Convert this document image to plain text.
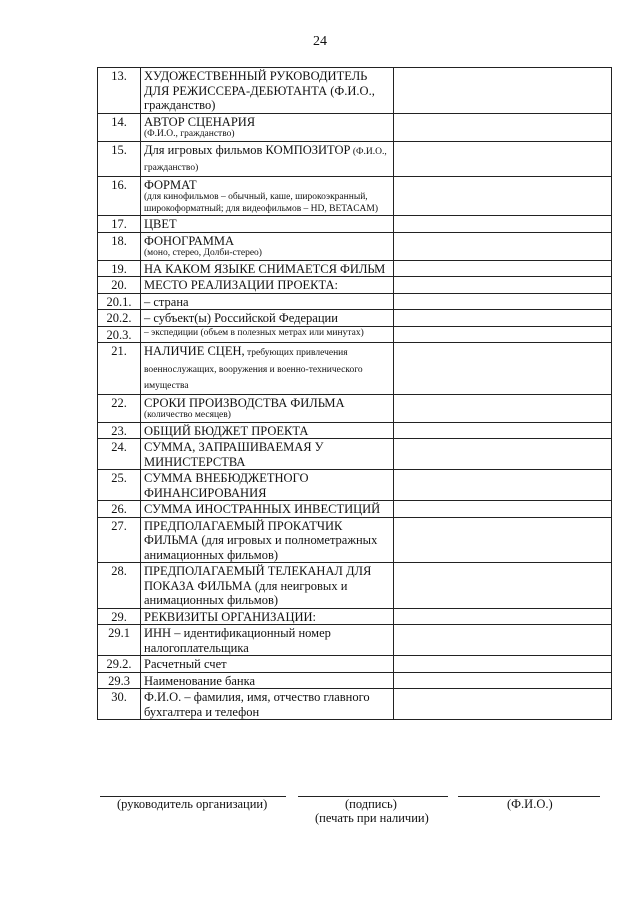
24
13.	ХУДОЖЕСТВЕННЫЙ РУКОВОДИТЕЛЬ ДЛЯ РЕЖИССЕРА-ДЕБЮТАНТА (Ф.И.О., гражданство)	
14.	АВТОР СЦЕНАРИЯ
(Ф.И.О., гражданство)	

15.	Для игровых фильмов КОМПОЗИТОР (Ф.И.О., гражданство)	
16.	ФОРМАТ
(для кинофильмов – обычный, каше, широкоэкранный, широкоформатный; для видеофильмов – HD, BETACAM)	

17.	ЦВЕТ	
18.	ФОНОГРАММА
(моно, стерео, Долби-стерео)	

19.	НА КАКОМ ЯЗЫКЕ СНИМАЕТСЯ ФИЛЬМ	
20.	МЕСТО РЕАЛИЗАЦИИ ПРОЕКТА:	
20.1.	– страна	
20.2.	– субъект(ы) Российской Федерации	
20.3.	– экспедиции (объем в полезных метрах или минутах)	

21.	НАЛИЧИЕ СЦЕН, требующих привлечения военнослужащих, вооружения и военно-технического имущества	
22.	СРОКИ ПРОИЗВОДСТВА ФИЛЬМА
(количество месяцев)	

23.	ОБЩИЙ БЮДЖЕТ ПРОЕКТА	
24.	СУММА, ЗАПРАШИВАЕМАЯ У МИНИСТЕРСТВА	
25.	СУММА ВНЕБЮДЖЕТНОГО ФИНАНСИРОВАНИЯ	
26.	СУММА ИНОСТРАННЫХ ИНВЕСТИЦИЙ	
27.	ПРЕДПОЛАГАЕМЫЙ ПРОКАТЧИК ФИЛЬМА (для игровых и полнометражных анимационных фильмов)	
28.	ПРЕДПОЛАГАЕМЫЙ ТЕЛЕКАНАЛ ДЛЯ ПОКАЗА ФИЛЬМА (для неигровых и анимационных фильмов)	
29.	РЕКВИЗИТЫ ОРГАНИЗАЦИИ:	
29.1	ИНН – идентификационный номер налогоплательщика	
29.2.	Расчетный счет	
29.3	Наименование банка	
30.	Ф.И.О. – фамилия, имя, отчество главного бухгалтера и телефон	
(руководитель организации)	(подпись)	(Ф.И.О.)
(печать при наличии)
